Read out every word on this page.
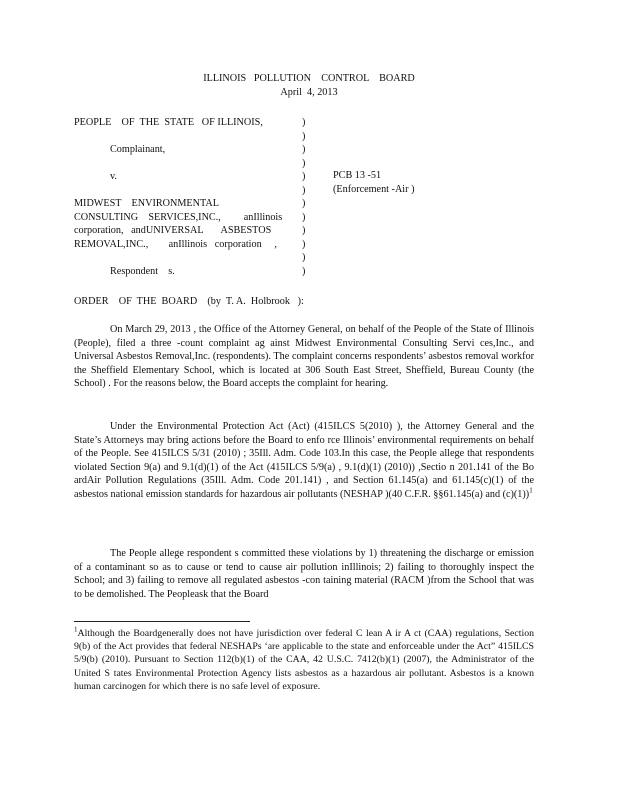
ILLINOIS   POLLUTION    CONTROL    BOARD
April  4, 2013
PEOPLE    OF  THE  STATE   OF ILLINOIS,

Complainant,

v.

MIDWEST    ENVIRONMENTAL
CONSULTING    SERVICES,INC.,         anIllinois
corporation,   andUNIVERSAL       ASBESTOS
REMOVAL,INC.,        anIllinois   corporation     ,

Respondent    s.
)
)
)
)
)
)
)
)
)
)
)
)
PCB 13 -51
(Enforcement -Air )
ORDER    OF  THE  BOARD    (by  T. A.  Holbrook   ):

On March 29, 2013 , the Office of the Attorney General, on behalf of the People of the State of Illinois (People), filed a three -count complaint ag ainst Midwest Environmental Consulting Servi ces,Inc., and Universal Asbestos Removal,Inc. (respondents). The complaint concerns respondents’ asbestos removal workfor the Sheffield Elementary School, which is located at 306 South East Street, Sheffield, Bureau County (the School) . For the reasons below, the Board accepts the complaint for hearing.

Under the Environmental Protection Act (Act) (415ILCS 5(2010) ), the Attorney General and the State’s Attorneys may bring actions before the Board to enfo rce Illinois’ environmental requirements on behalf of the People. See 415ILCS 5/31 (2010) ; 35Ill. Adm. Code 103.In this case, the People allege that respondents violated Section 9(a) and 9.1(d)(1) of the Act (415ILCS 5/9(a) , 9.1(d)(1) (2010)) ,Sectio n 201.141 of the Bo ardAir Pollution Regulations (35Ill. Adm. Code 201.141) , and Section 61.145(a) and 61.145(c)(1) of the asbestos national emission standards for hazardous air pollutants (NESHAP )(40 C.F.R. §§61.145(a) and (c)(1))$^1$

The People allege respondent s committed these violations by 1) threatening the discharge or emission of a contaminant so as to cause or tend to cause air pollution inIllinois; 2) failing to thoroughly inspect the School; and 3) failing to remove all regulated asbestos -con taining material (RACM )from the School that was to be demolished. The Peopleask that the Board

$^1$Although the Boardgenerally does not have jurisdiction over federal C lean A ir A ct (CAA) regulations, Section 9(b) of the Act provides that federal NESHAPs ‘are applicable to the state and enforceable under the Act” 415ILCS 5/9(b) (2010). Pursuant to Section 112(b)(1) of the CAA, 42 U.S.C. 7412(b)(1) (2007), the Administrator of the United S tates Environmental Protection Agency lists asbestos as a hazardous air pollutant. Asbestos is a known human carcinogen for which there is no safe level of exposure.
